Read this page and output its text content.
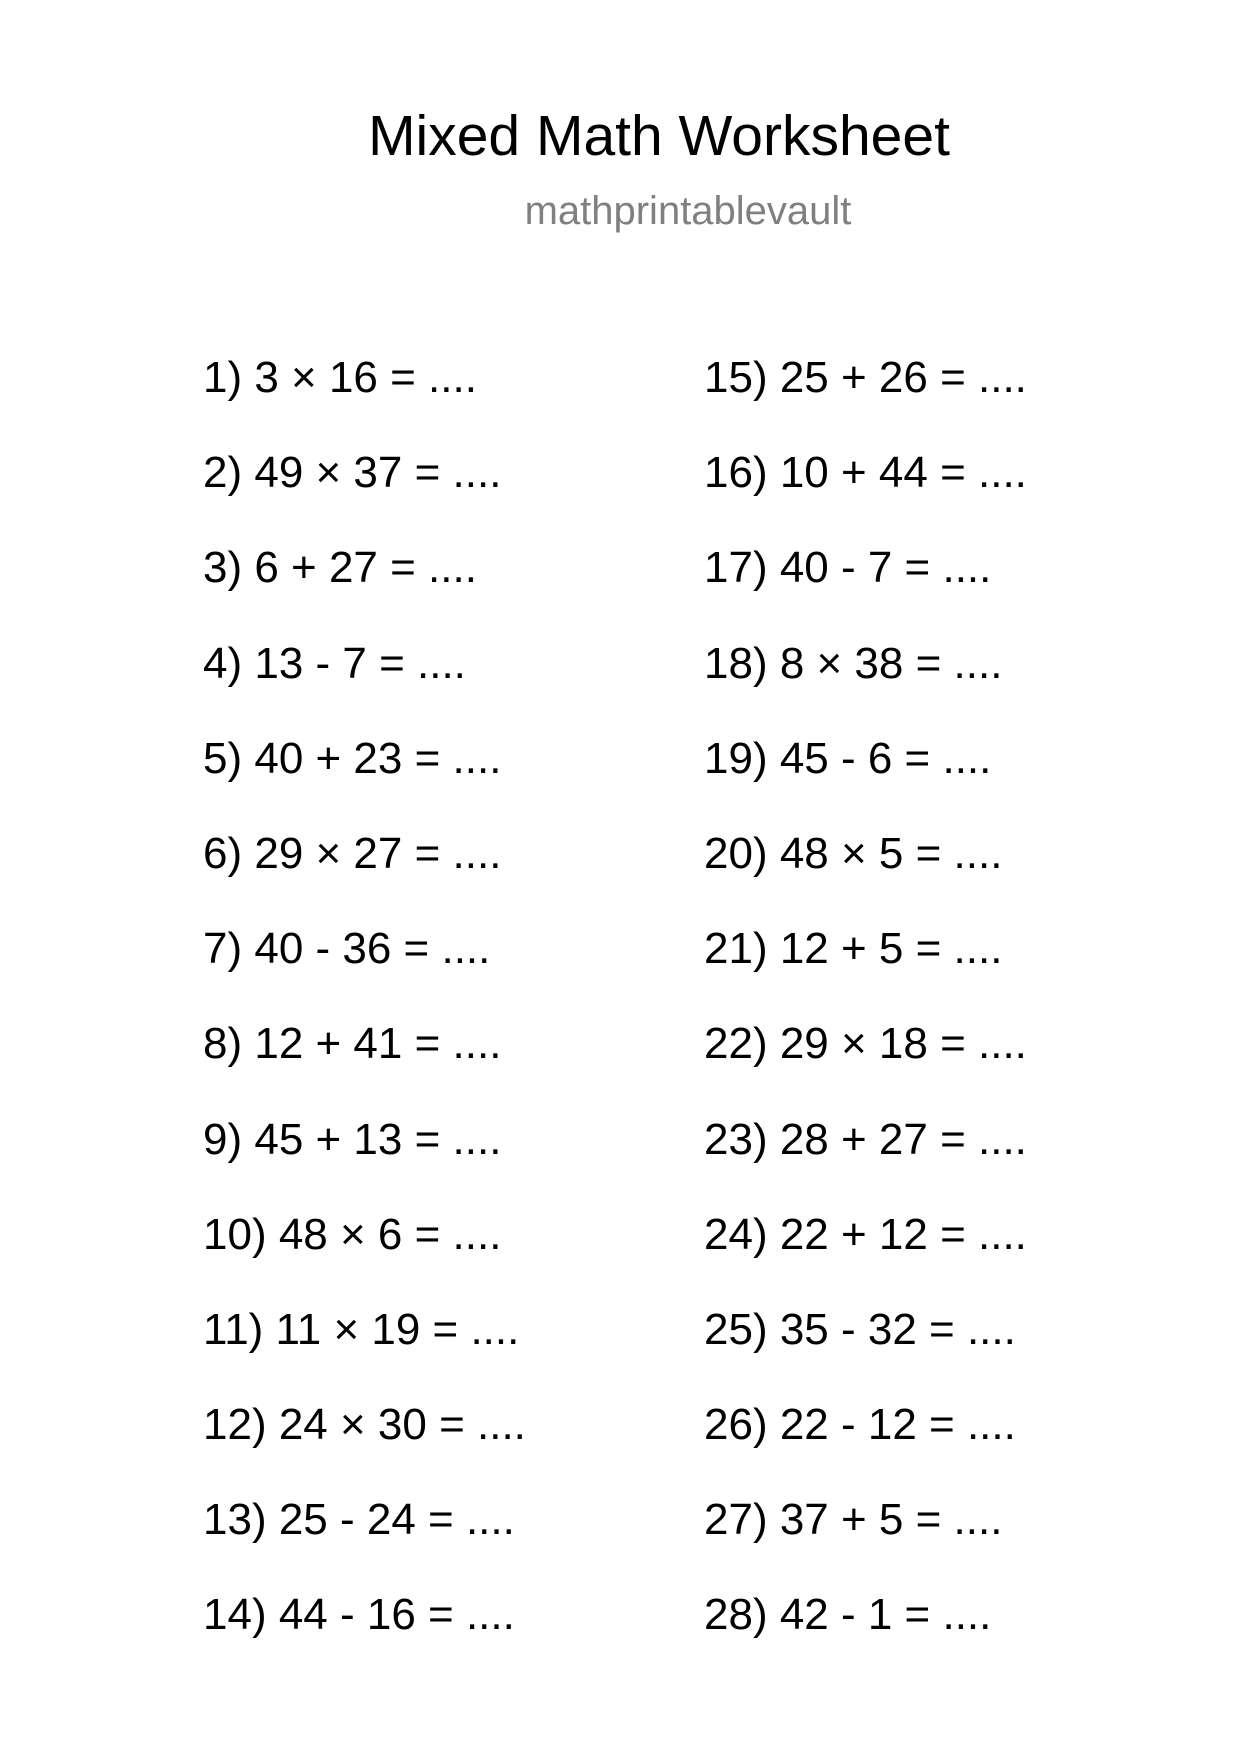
Mixed Math Worksheet
mathprintablevault
1) 3 × 16 = ....
2) 49 × 37 = ....
3) 6 + 27 = ....
4) 13 - 7 = ....
5) 40 + 23 = ....
6) 29 × 27 = ....
7) 40 - 36 = ....
8) 12 + 41 = ....
9) 45 + 13 = ....
10) 48 × 6 = ....
11) 11 × 19 = ....
12) 24 × 30 = ....
13) 25 - 24 = ....
14) 44 - 16 = ....
15) 25 + 26 = ....
16) 10 + 44 = ....
17) 40 - 7 = ....
18) 8 × 38 = ....
19) 45 - 6 = ....
20) 48 × 5 = ....
21) 12 + 5 = ....
22) 29 × 18 = ....
23) 28 + 27 = ....
24) 22 + 12 = ....
25) 35 - 32 = ....
26) 22 - 12 = ....
27) 37 + 5 = ....
28) 42 - 1 = ....
